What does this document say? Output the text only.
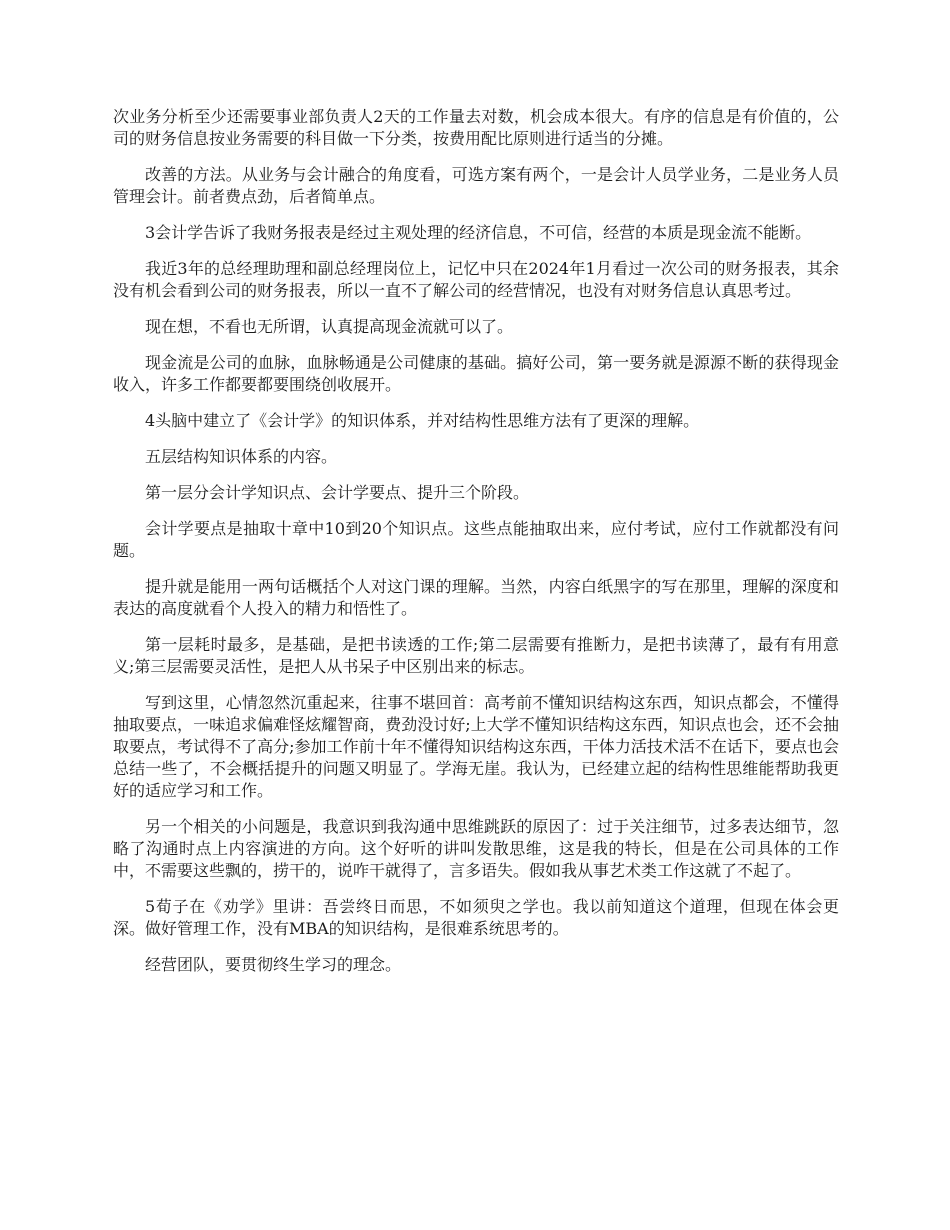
次业务分析至少还需要事业部负责人2天的工作量去对数，机会成本很大。有序的信息是有价值的，公司的财务信息按业务需要的科目做一下分类，按费用配比原则进行适当的分摊。

改善的方法。从业务与会计融合的角度看，可选方案有两个，一是会计人员学业务，二是业务人员管理会计。前者费点劲，后者简单点。

3会计学告诉了我财务报表是经过主观处理的经济信息，不可信，经营的本质是现金流不能断。

我近3年的总经理助理和副总经理岗位上，记忆中只在2024年1月看过一次公司的财务报表，其余没有机会看到公司的财务报表，所以一直不了解公司的经营情况，也没有对财务信息认真思考过。

现在想，不看也无所谓，认真提高现金流就可以了。

现金流是公司的血脉，血脉畅通是公司健康的基础。搞好公司，第一要务就是源源不断的获得现金收入，许多工作都要都要围绕创收展开。

4头脑中建立了《会计学》的知识体系，并对结构性思维方法有了更深的理解。

五层结构知识体系的内容。

第一层分会计学知识点、会计学要点、提升三个阶段。

会计学要点是抽取十章中10到20个知识点。这些点能抽取出来，应付考试，应付工作就都没有问题。

提升就是能用一两句话概括个人对这门课的理解。当然，内容白纸黑字的写在那里，理解的深度和表达的高度就看个人投入的精力和悟性了。

第一层耗时最多，是基础，是把书读透的工作;第二层需要有推断力，是把书读薄了，最有有用意义;第三层需要灵活性，是把人从书呆子中区别出来的标志。

写到这里，心情忽然沉重起来，往事不堪回首：高考前不懂知识结构这东西，知识点都会，不懂得抽取要点，一味追求偏难怪炫耀智商，费劲没讨好;上大学不懂知识结构这东西，知识点也会，还不会抽取要点，考试得不了高分;参加工作前十年不懂得知识结构这东西，干体力活技术活不在话下，要点也会总结一些了，不会概括提升的问题又明显了。学海无崖。我认为，已经建立起的结构性思维能帮助我更好的适应学习和工作。

另一个相关的小问题是，我意识到我沟通中思维跳跃的原因了：过于关注细节，过多表达细节，忽略了沟通时点上内容演进的方向。这个好听的讲叫发散思维，这是我的特长，但是在公司具体的工作中，不需要这些飘的，捞干的，说咋干就得了，言多语失。假如我从事艺术类工作这就了不起了。

5荀子在《劝学》里讲：吾尝终日而思，不如须臾之学也。我以前知道这个道理，但现在体会更深。做好管理工作，没有MBA的知识结构，是很难系统思考的。

经营团队，要贯彻终生学习的理念。
